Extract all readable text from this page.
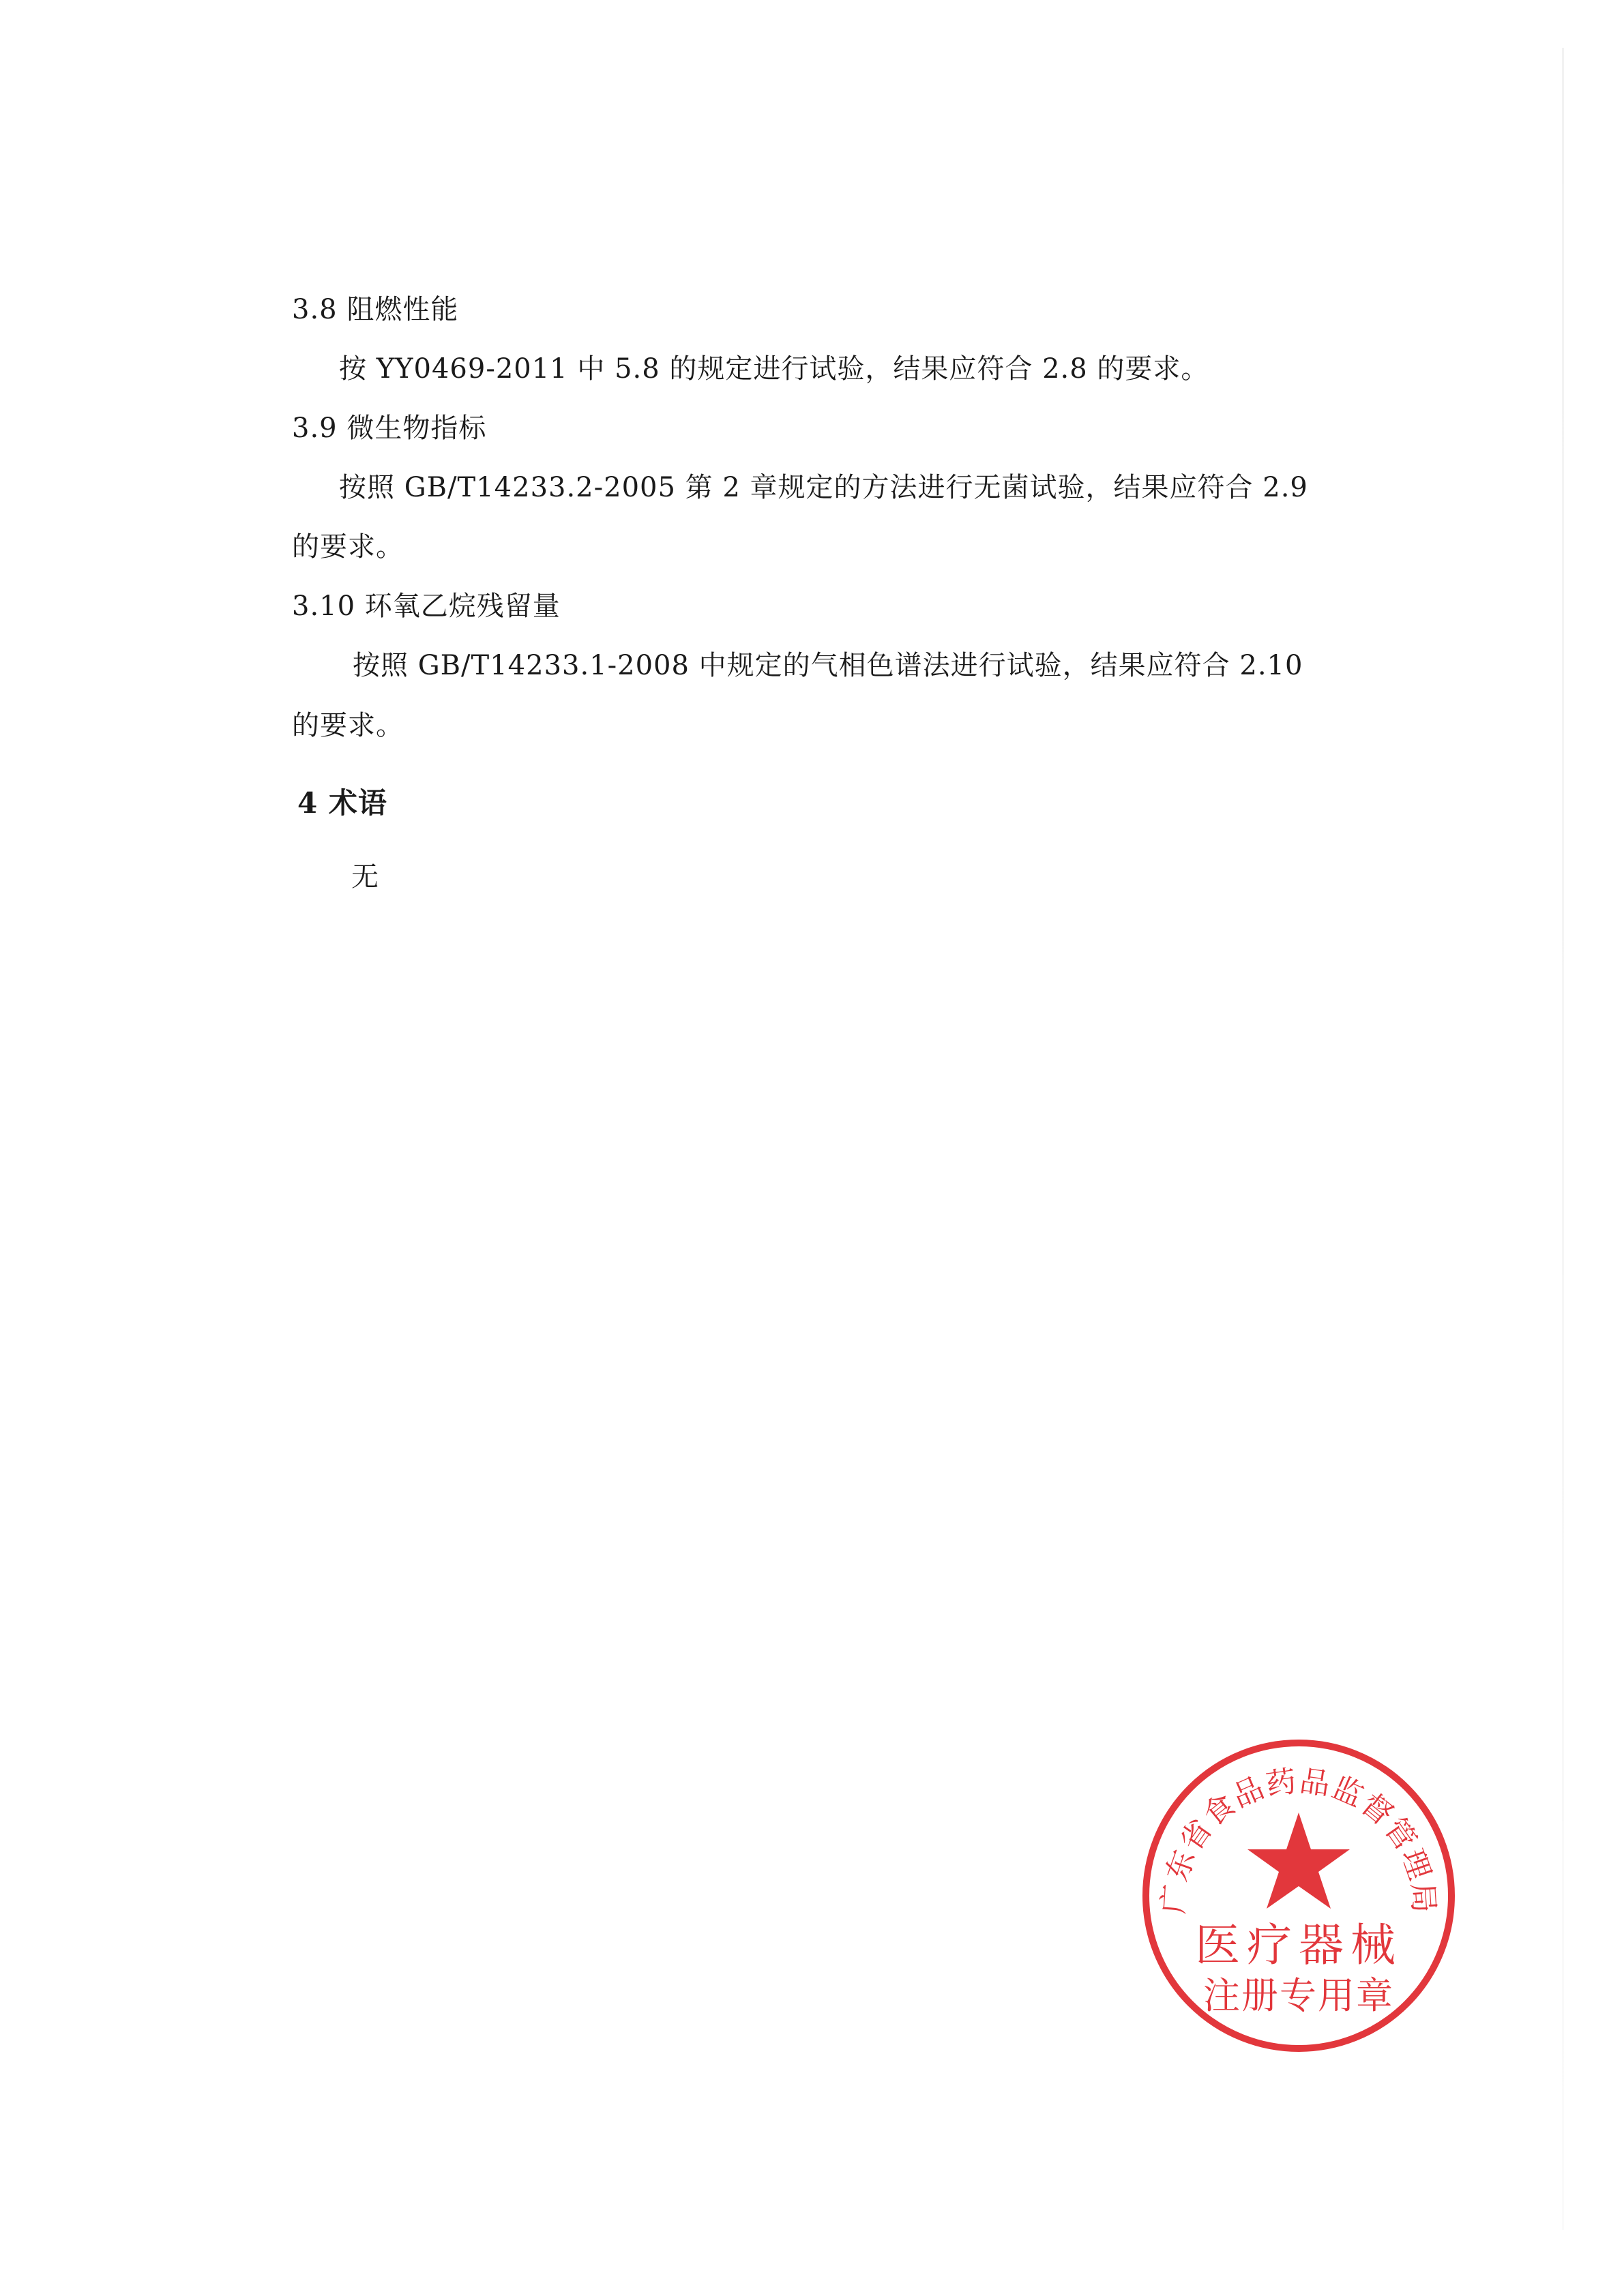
3.8 阻燃性能
按 YY0469-2011 中 5.8 的规定进行试验，结果应符合 2.8 的要求。
3.9 微生物指标
按照 GB/T14233.2-2005 第 2 章规定的方法进行无菌试验，结果应符合 2.9
的要求。
3.10 环氧乙烷残留量
按照 GB/T14233.1-2008 中规定的气相色谱法进行试验，结果应符合 2.10
的要求。
4 术语
无
广东省食品药品监督管理局
医疗器械
注册专用章
